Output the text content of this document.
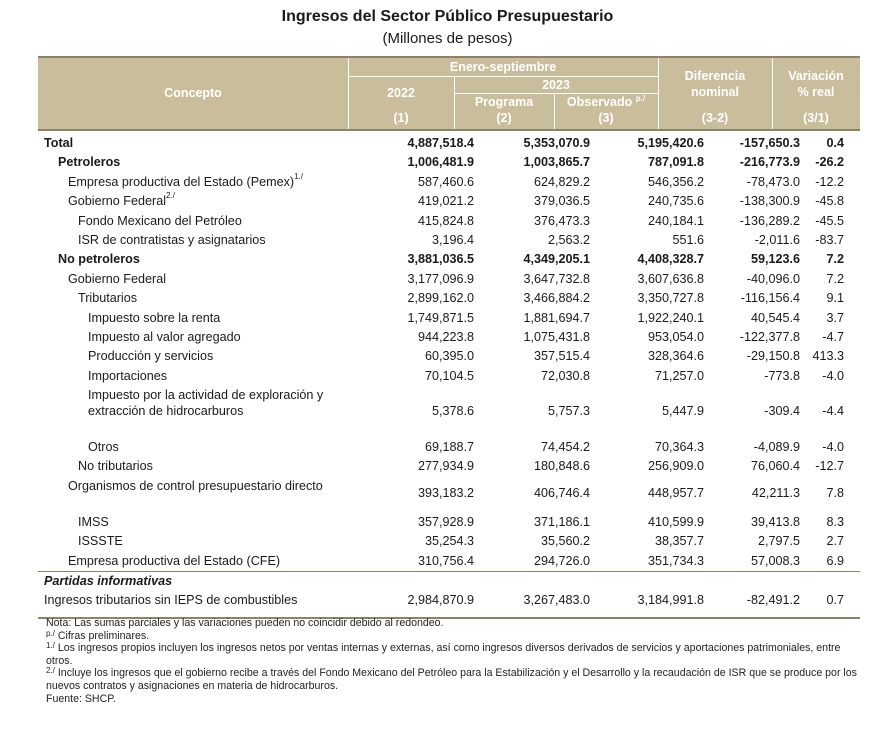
Ingresos del Sector Público Presupuestario
(Millones de pesos)
Concepto
Enero-septiembre
2022
(1)
2023
Programa
(2)
Observado $^{p./}$
(3)
Diferencia
nominal
(3-2)
Variación
% real
(3/1)
Total	4,887,518.4	5,353,070.9	5,195,420.6	-157,650.3 0.4
Petroleros	1,006,481.9	1,003,865.7	787,091.8	-216,773.9 -26.2
Empresa productiva del Estado (Pemex)$^{1./}$	587,460.6	624,829.2	546,356.2	-78,473.0 -12.2
Gobierno Federal$^{2./}$	419,021.2	379,036.5	240,735.6	-138,300.9 -45.8
Fondo Mexicano del Petróleo	415,824.8	376,473.3	240,184.1	-136,289.2 -45.5
ISR de contratistas y asignatarios	3,196.4	2,563.2	551.6	-2,011.6 -83.7
No petroleros	3,881,036.5	4,349,205.1	4,408,328.7	59,123.6 7.2
Gobierno Federal	3,177,096.9	3,647,732.8	3,607,636.8	-40,096.0 7.2
Tributarios	2,899,162.0	3,466,884.2	3,350,727.8	-116,156.4 9.1
Impuesto sobre la renta	1,749,871.5	1,881,694.7	1,922,240.1	40,545.4 3.7
Impuesto al valor agregado	944,223.8	1,075,431.8	953,054.0	-122,377.8 -4.7
Producción y servicios	60,395.0	357,515.4	328,364.6	-29,150.8 413.3
Importaciones	70,104.5	72,030.8	71,257.0	-773.8 -4.0
Impuesto por la actividad de exploración y extracción de hidrocarburos	5,378.6	5,757.3	5,447.9	-309.4 -4.4
Otros	69,188.7	74,454.2	70,364.3	-4,089.9 -4.0
No tributarios	277,934.9	180,848.6	256,909.0	76,060.4 -12.7
Organismos de control presupuestario directo	393,183.2	406,746.4	448,957.7	42,211.3 7.8
IMSS	357,928.9	371,186.1	410,599.9	39,413.8 8.3
ISSSTE	35,254.3	35,560.2	38,357.7	2,797.5 2.7
Empresa productiva del Estado (CFE)	310,756.4	294,726.0	351,734.3	57,008.3 6.9
Partidas informativas
Ingresos tributarios sin IEPS de combustibles	2,984,870.9	3,267,483.0	3,184,991.8	-82,491.2 0.7

Nota: Las sumas parciales y las variaciones pueden no coincidir debido al redondeo.

$^{p./}$ Cifras preliminares.

$^{1./}$ Los ingresos propios incluyen los ingresos netos por ventas internas y externas, así como ingresos diversos derivados de servicios y aportaciones patrimoniales, entre otros.

$^{2./}$ Incluye los ingresos que el gobierno recibe a través del Fondo Mexicano del Petróleo para la Estabilización y el Desarrollo y la recaudación de ISR que se produce por los nuevos contratos y asignaciones en materia de hidrocarburos.

Fuente: SHCP.
